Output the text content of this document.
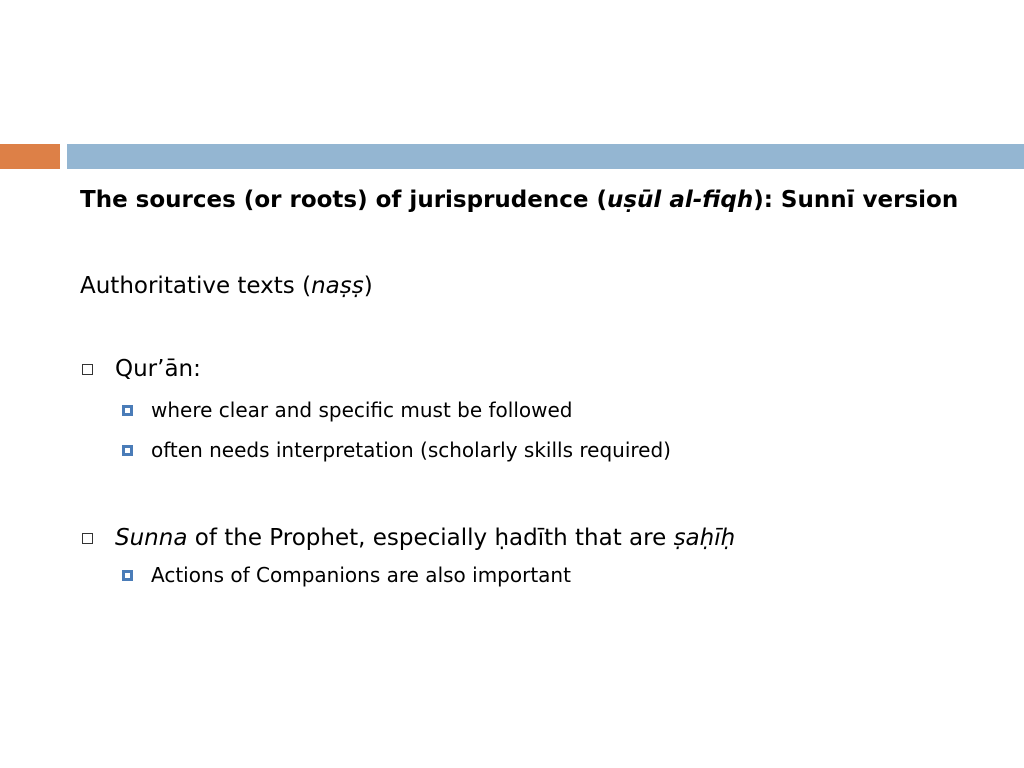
The sources (or roots) of jurisprudence (uṣūl al-fiqh): Sunnī version

Authoritative texts (naṣṣ)

Qur’ān:
where clear and specific must be followed
often needs interpretation (scholarly skills required)
Sunna of the Prophet, especially ḥadīth that are ṣaḥīḥ
Actions of Companions are also important
